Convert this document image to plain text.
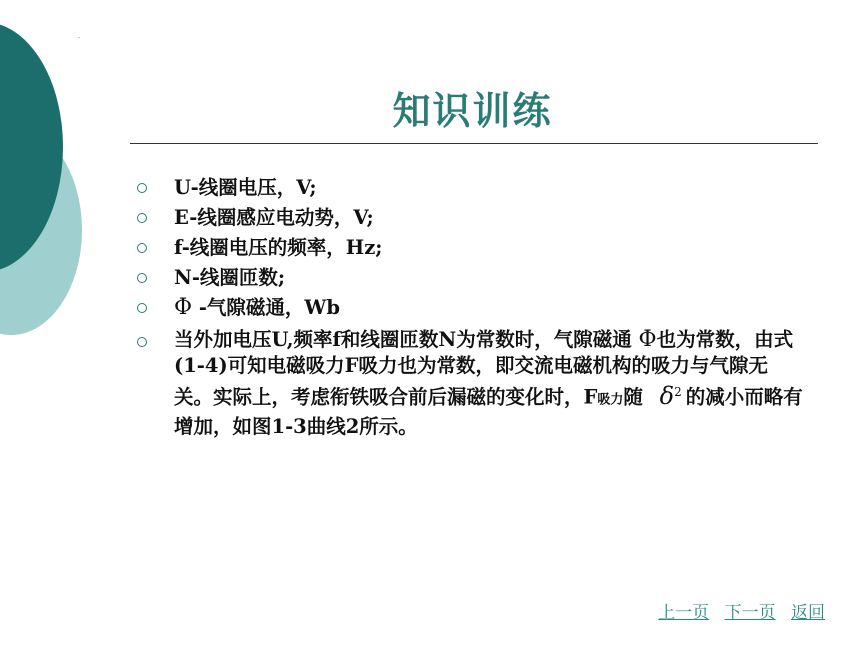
.
知识训练
U-线圈电压，V;
E-线圈感应电动势，V;
f-线圈电压的频率，Hz;
N-线圈匝数;
Φ -气隙磁通，Wb
当外加电压U,频率f和线圈匝数N为常数时，气隙磁通 Φ也为常数，由式(1-4)可知电磁吸力F吸力也为常数，即交流电磁机构的吸力与气隙无关。实际上，考虑衔铁吸合前后漏磁的变化时，F吸力随 $\delta^2$ 的减小而略有增加，如图1-3曲线2所示。
上一页 下一页 返回
